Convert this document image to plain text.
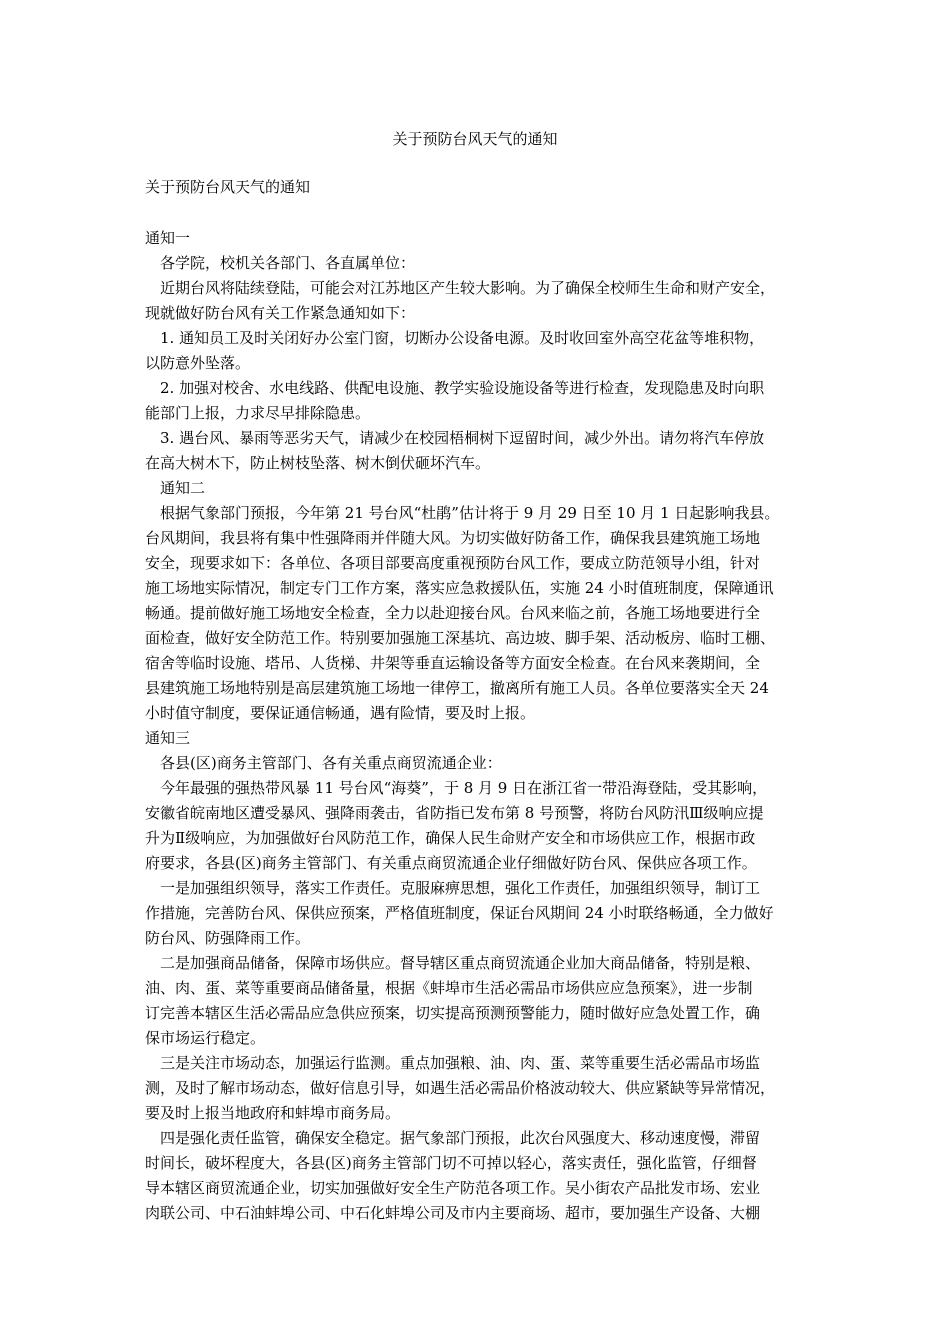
关于预防台风天气的通知
关于预防台风天气的通知

通知一

各学院，校机关各部门、各直属单位：

近期台风将陆续登陆，可能会对江苏地区产生较大影响。为了确保全校师生生命和财产安全，

现就做好防台风有关工作紧急通知如下：

1. 通知员工及时关闭好办公室门窗，切断办公设备电源。及时收回室外高空花盆等堆积物，

以防意外坠落。

2. 加强对校舍、水电线路、供配电设施、教学实验设施设备等进行检查，发现隐患及时向职

能部门上报，力求尽早排除隐患。

3. 遇台风、暴雨等恶劣天气，请减少在校园梧桐树下逗留时间，减少外出。请勿将汽车停放

在高大树木下，防止树枝坠落、树木倒伏砸坏汽车。

通知二

根据气象部门预报，今年第 21 号台风“杜鹃”估计将于 9 月 29 日至 10 月 1 日起影响我县。

台风期间，我县将有集中性强降雨并伴随大风。为切实做好防备工作，确保我县建筑施工场地

安全，现要求如下：各单位、各项目部要高度重视预防台风工作，要成立防范领导小组，针对

施工场地实际情况，制定专门工作方案，落实应急救援队伍，实施 24 小时值班制度，保障通讯

畅通。提前做好施工场地安全检查，全力以赴迎接台风。台风来临之前，各施工场地要进行全

面检查，做好安全防范工作。特别要加强施工深基坑、高边坡、脚手架、活动板房、临时工棚、

宿舍等临时设施、塔吊、人货梯、井架等垂直运输设备等方面安全检查。在台风来袭期间，全

县建筑施工场地特别是高层建筑施工场地一律停工，撤离所有施工人员。各单位要落实全天 24

小时值守制度，要保证通信畅通，遇有险情，要及时上报。

通知三

各县(区)商务主管部门、各有关重点商贸流通企业：

今年最强的强热带风暴 11 号台风“海葵”，于 8 月 9 日在浙江省一带沿海登陆，受其影响，

安徽省皖南地区遭受暴风、强降雨袭击，省防指已发布第 8 号预警，将防台风防汛Ⅲ级响应提

升为Ⅱ级响应，为加强做好台风防范工作，确保人民生命财产安全和市场供应工作，根据市政

府要求，各县(区)商务主管部门、有关重点商贸流通企业仔细做好防台风、保供应各项工作。

一是加强组织领导，落实工作责任。克服麻痹思想，强化工作责任，加强组织领导，制订工

作措施，完善防台风、保供应预案，严格值班制度，保证台风期间 24 小时联络畅通，全力做好

防台风、防强降雨工作。

二是加强商品储备，保障市场供应。督导辖区重点商贸流通企业加大商品储备，特别是粮、

油、肉、蛋、菜等重要商品储备量，根据《蚌埠市生活必需品市场供应应急预案》，进一步制

订完善本辖区生活必需品应急供应预案，切实提高预测预警能力，随时做好应急处置工作，确

保市场运行稳定。

三是关注市场动态，加强运行监测。重点加强粮、油、肉、蛋、菜等重要生活必需品市场监

测，及时了解市场动态，做好信息引导，如遇生活必需品价格波动较大、供应紧缺等异常情况，

要及时上报当地政府和蚌埠市商务局。

四是强化责任监管，确保安全稳定。据气象部门预报，此次台风强度大、移动速度慢，滞留

时间长，破坏程度大，各县(区)商务主管部门切不可掉以轻心，落实责任，强化监管，仔细督

导本辖区商贸流通企业，切实加强做好安全生产防范各项工作。吴小街农产品批发市场、宏业

肉联公司、中石油蚌埠公司、中石化蚌埠公司及市内主要商场、超市，要加强生产设备、大棚
